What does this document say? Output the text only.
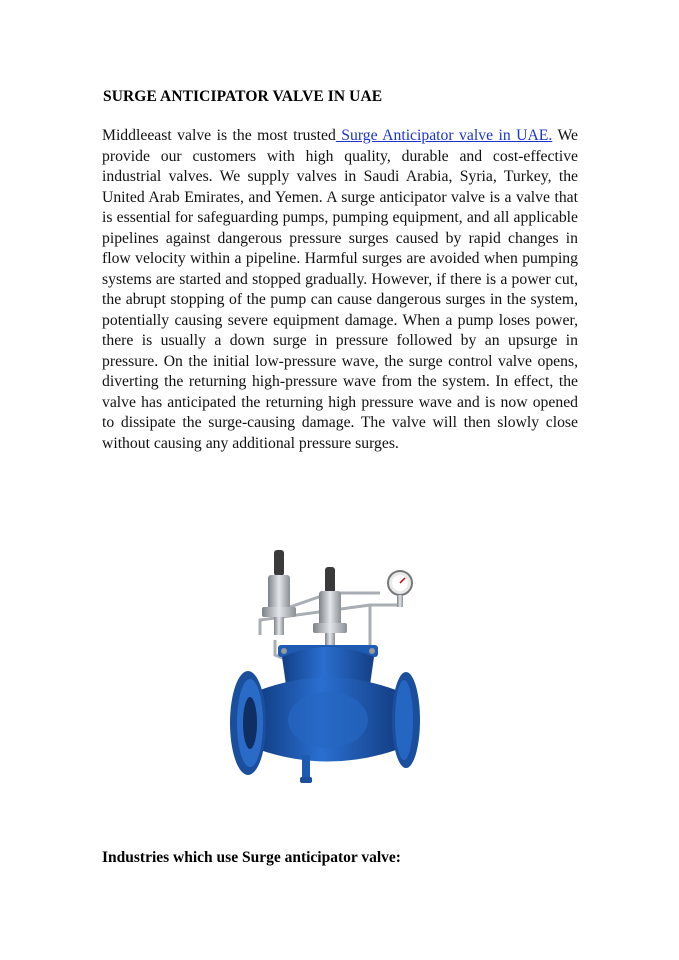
SURGE ANTICIPATOR VALVE IN UAE

Middleeast valve is the most trusted Surge Anticipator valve in UAE. We provide our customers with high quality, durable and cost-effective industrial valves. We supply valves in Saudi Arabia, Syria, Turkey, the United Arab Emirates, and Yemen. A surge anticipator valve is a valve that is essential for safeguarding pumps, pumping equipment, and all applicable pipelines against dangerous pressure surges caused by rapid changes in flow velocity within a pipeline. Harmful surges are avoided when pumping systems are started and stopped gradually. However, if there is a power cut, the abrupt stopping of the pump can cause dangerous surges in the system, potentially causing severe equipment damage. When a pump loses power, there is usually a down surge in pressure followed by an upsurge in pressure. On the initial low-pressure wave, the surge control valve opens, diverting the returning high-pressure wave from the system. In effect, the valve has anticipated the returning high pressure wave and is now opened to dissipate the surge-causing damage. The valve will then slowly close without causing any additional pressure surges.

Industries which use Surge anticipator valve:
